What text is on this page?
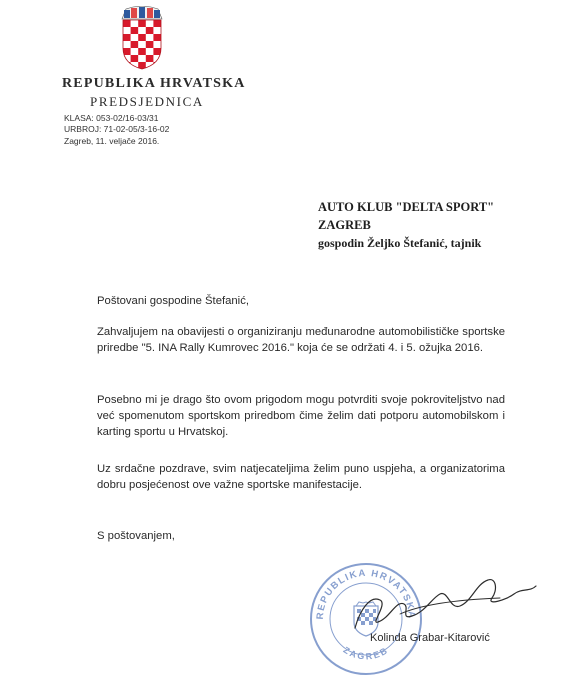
REPUBLIKA HRVATSKA
PREDSJEDNICA
KLASA: 053-02/16-03/31
URBROJ: 71-02-05/3-16-02
Zagreb, 11. veljače 2016.
AUTO KLUB "DELTA SPORT"
ZAGREB
gospodin Željko Štefanić, tajnik
Poštovani gospodine Štefanić,
Zahvaljujem na obavijesti o organiziranju međunarodne automobilističke sportske priredbe "5. INA Rally Kumrovec 2016." koja će se održati 4. i 5. ožujka 2016.
Posebno mi je drago što ovom prigodom mogu potvrditi svoje pokroviteljstvo nad već spomenutom sportskom priredbom čime želim dati potporu automobilskom i karting sportu u Hrvatskoj.
Uz srdačne pozdrave, svim natjecateljima želim puno uspjeha, a organizatorima dobru posjećenost ove važne sportske manifestacije.
S poštovanjem,
REPUBLIKA HRVATSKA
ZAGREB
Kolinda Grabar-Kitarović
